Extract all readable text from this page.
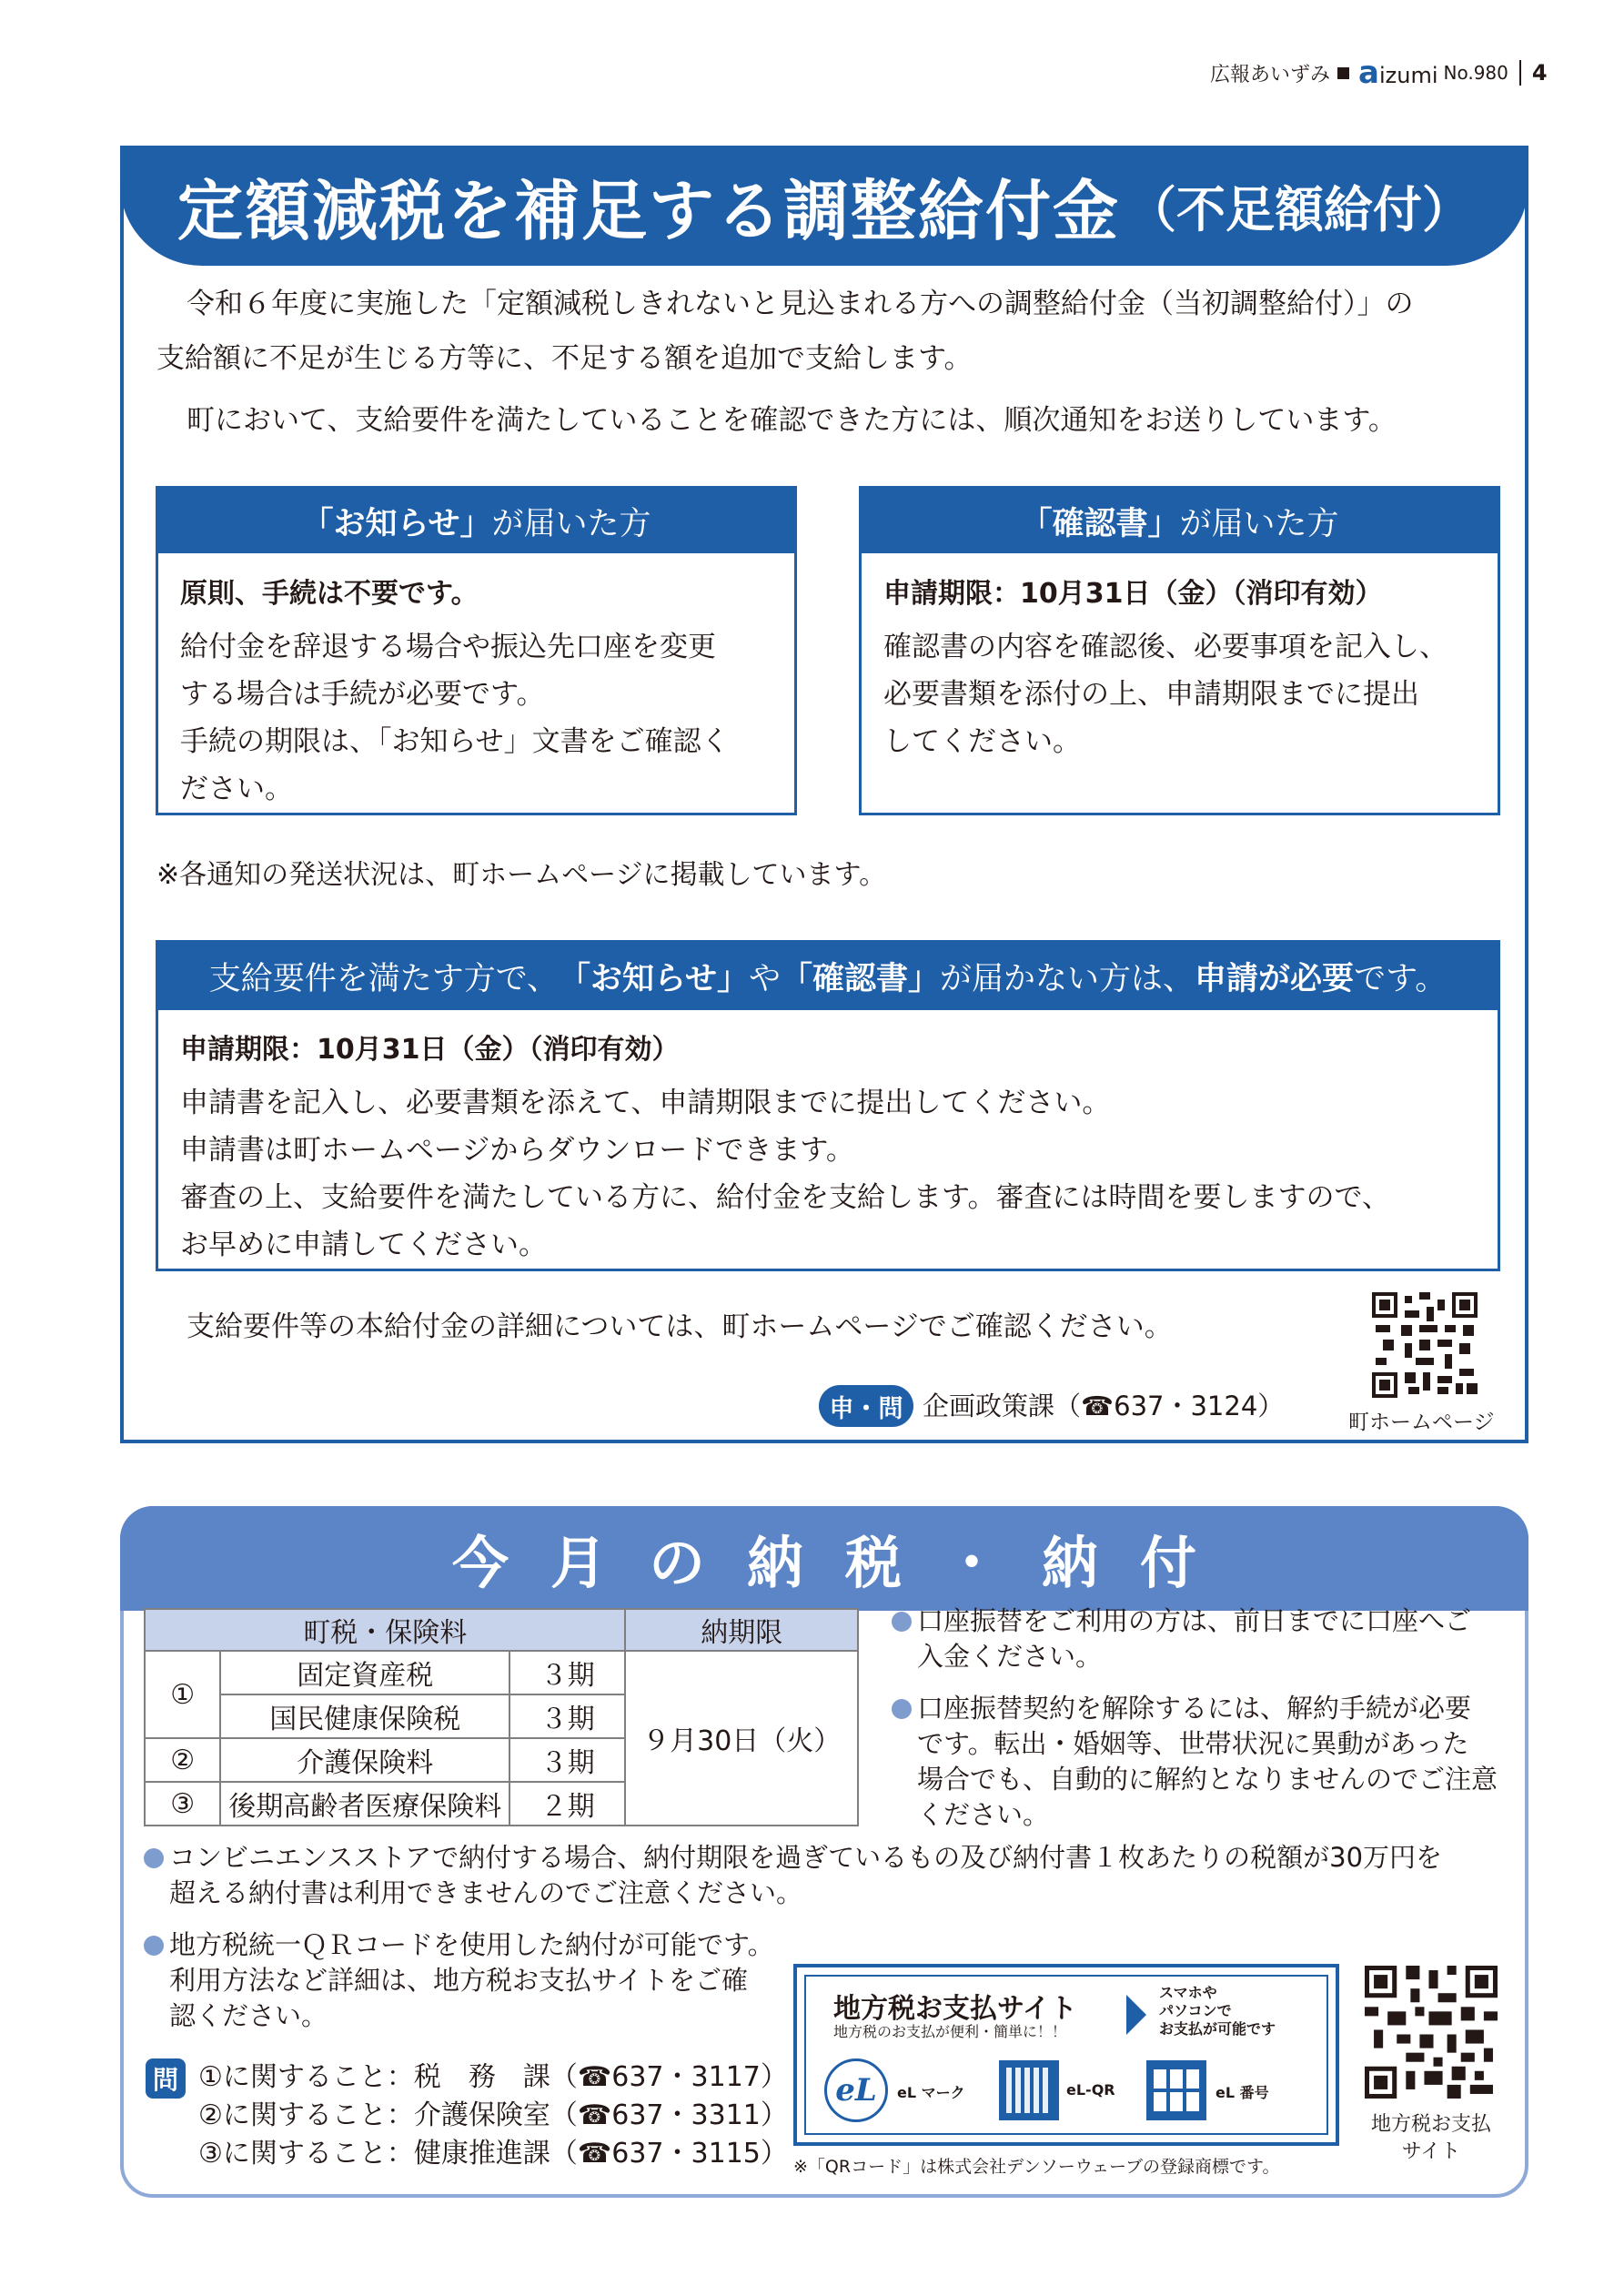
広報あいずみ aizumi No.980 4
定額減税を補足する調整給付金 （不足額給付）
令和６年度に実施した「定額減税しきれないと見込まれる方への調整給付金（当初調整給付）」の
支給額に不足が生じる方等に、不足する額を追加で支給します。
町において、支給要件を満たしていることを確認できた方には、順次通知をお送りしています。
「お知らせ」 が届いた方
原則、手続は不要です。
給付金を辞退する場合や振込先口座を変更
する場合は手続が必要です。
手続の期限は、「お知らせ」文書をご確認く
ださい。
「確認書」 が届いた方
申請期限：10月31日（金）（消印有効）
確認書の内容を確認後、必要事項を記入し、
必要書類を添付の上、申請期限までに提出
してください。
※各通知の発送状況は、町ホームページに掲載しています。
支給要件を満たす方で、 「お知らせ」 や 「確認書」 が届かない方は、 申請が必要 です。
申請期限：10月31日（金）（消印有効）
申請書を記入し、必要書類を添えて、申請期限までに提出してください。
申請書は町ホームページからダウンロードできます。
審査の上、支給要件を満たしている方に、給付金を支給します。審査には時間を要しますので、
お早めに申請してください。
支給要件等の本給付金の詳細については、町ホームページでご確認ください。
申・問 企画政策課（☎637・3124）
町ホームページ
今月の納税・納付
町税・保険料			納期限
①	固定資産税	３期	９月30日（火）
	国民健康保険税	３期	
②	介護保険料	３期	
③	後期高齢者医療保険料	２期	
口座振替をご利用の方は、前日までに口座へご
入金ください。
口座振替契約を解除するには、解約手続が必要
です。転出・婚姻等、世帯状況に異動があった
場合でも、自動的に解約となりませんのでご注意
ください。
コンビニエンスストアで納付する場合、納付期限を過ぎているもの及び納付書１枚あたりの税額が30万円を
超える納付書は利用できませんのでご注意ください。
地方税統一ＱＲコードを使用した納付が可能です。
利用方法など詳細は、地方税お支払サイトをご確
認ください。
問 ①に関すること：税　務　課（☎637・3117）
②に関すること：介護保険室（☎637・3311）
③に関すること：健康推進課（☎637・3115）
地方税お支払サイト
地方税のお支払が便利・簡単に！！
スマホや
パソコンで
お支払が可能です
eL	eL マーク	eL-QR	eL 番号
※「QRコード」は株式会社デンソーウェーブの登録商標です。
地方税お支払
サイト
